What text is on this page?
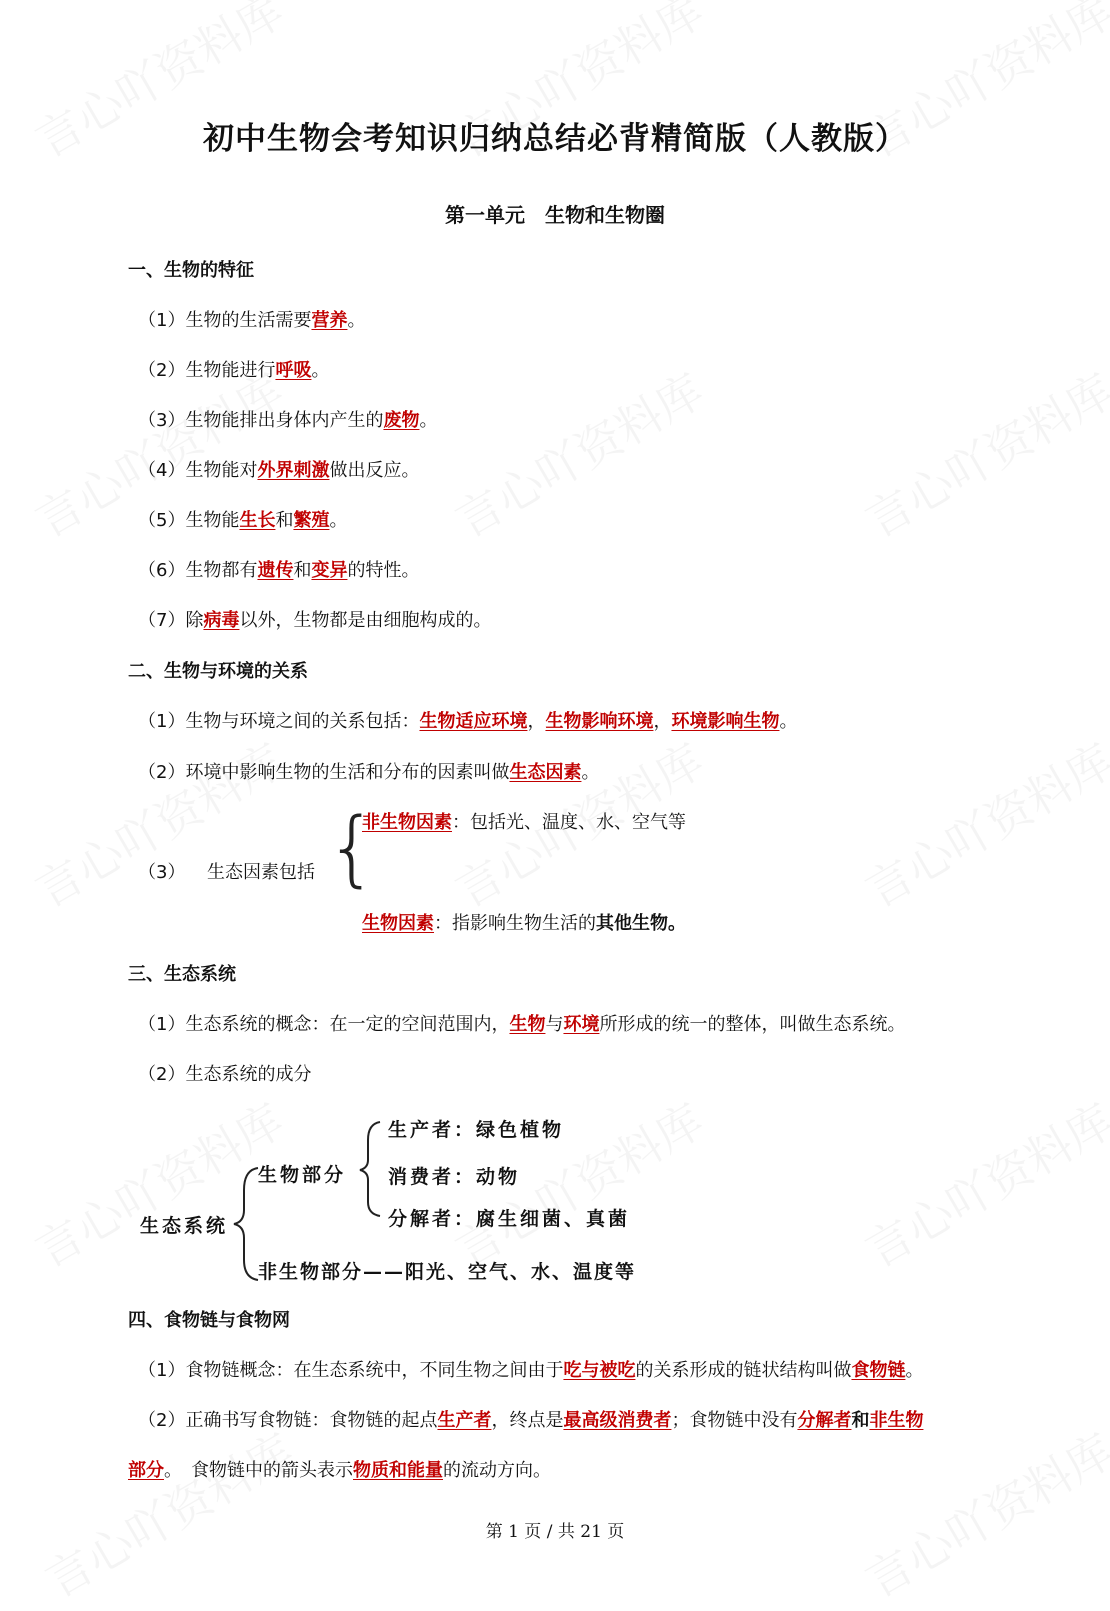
初中生物会考知识归纳总结必背精简版（人教版）
第一单元　生物和生物圈
一、生物的特征
（1）生物的生活需要营养。
（2）生物能进行呼吸。
（3）生物能排出身体内产生的废物。
（4）生物能对外界刺激做出反应。
（5）生物能生长和繁殖。
（6）生物都有遗传和变异的特性。
（7）除病毒以外，生物都是由细胞构成的。
二、生物与环境的关系
（1）生物与环境之间的关系包括：生物适应环境，生物影响环境，环境影响生物。
（2）环境中影响生物的生活和分布的因素叫做生态因素。
（3） 生态因素包括 {
非生物因素：包括光、温度、水、空气等
生物因素：指影响生物生活的其他生物。
三、生态系统
（1）生态系统的概念：在一定的空间范围内，生物与环境所形成的统一的整体，叫做生态系统。
（2）生态系统的成分
生态系统
生物部分
生产者：绿色植物
消费者：动物
分解者：腐生细菌、真菌
非生物部分——阳光、空气、水、温度等
四、食物链与食物网
（1）食物链概念：在生态系统中，不同生物之间由于吃与被吃的关系形成的链状结构叫做食物链。
（2）正确书写食物链：食物链的起点生产者，终点是最高级消费者；食物链中没有分解者和非生物
部分。　食物链中的箭头表示物质和能量的流动方向。
第 1 页 / 共 21 页
